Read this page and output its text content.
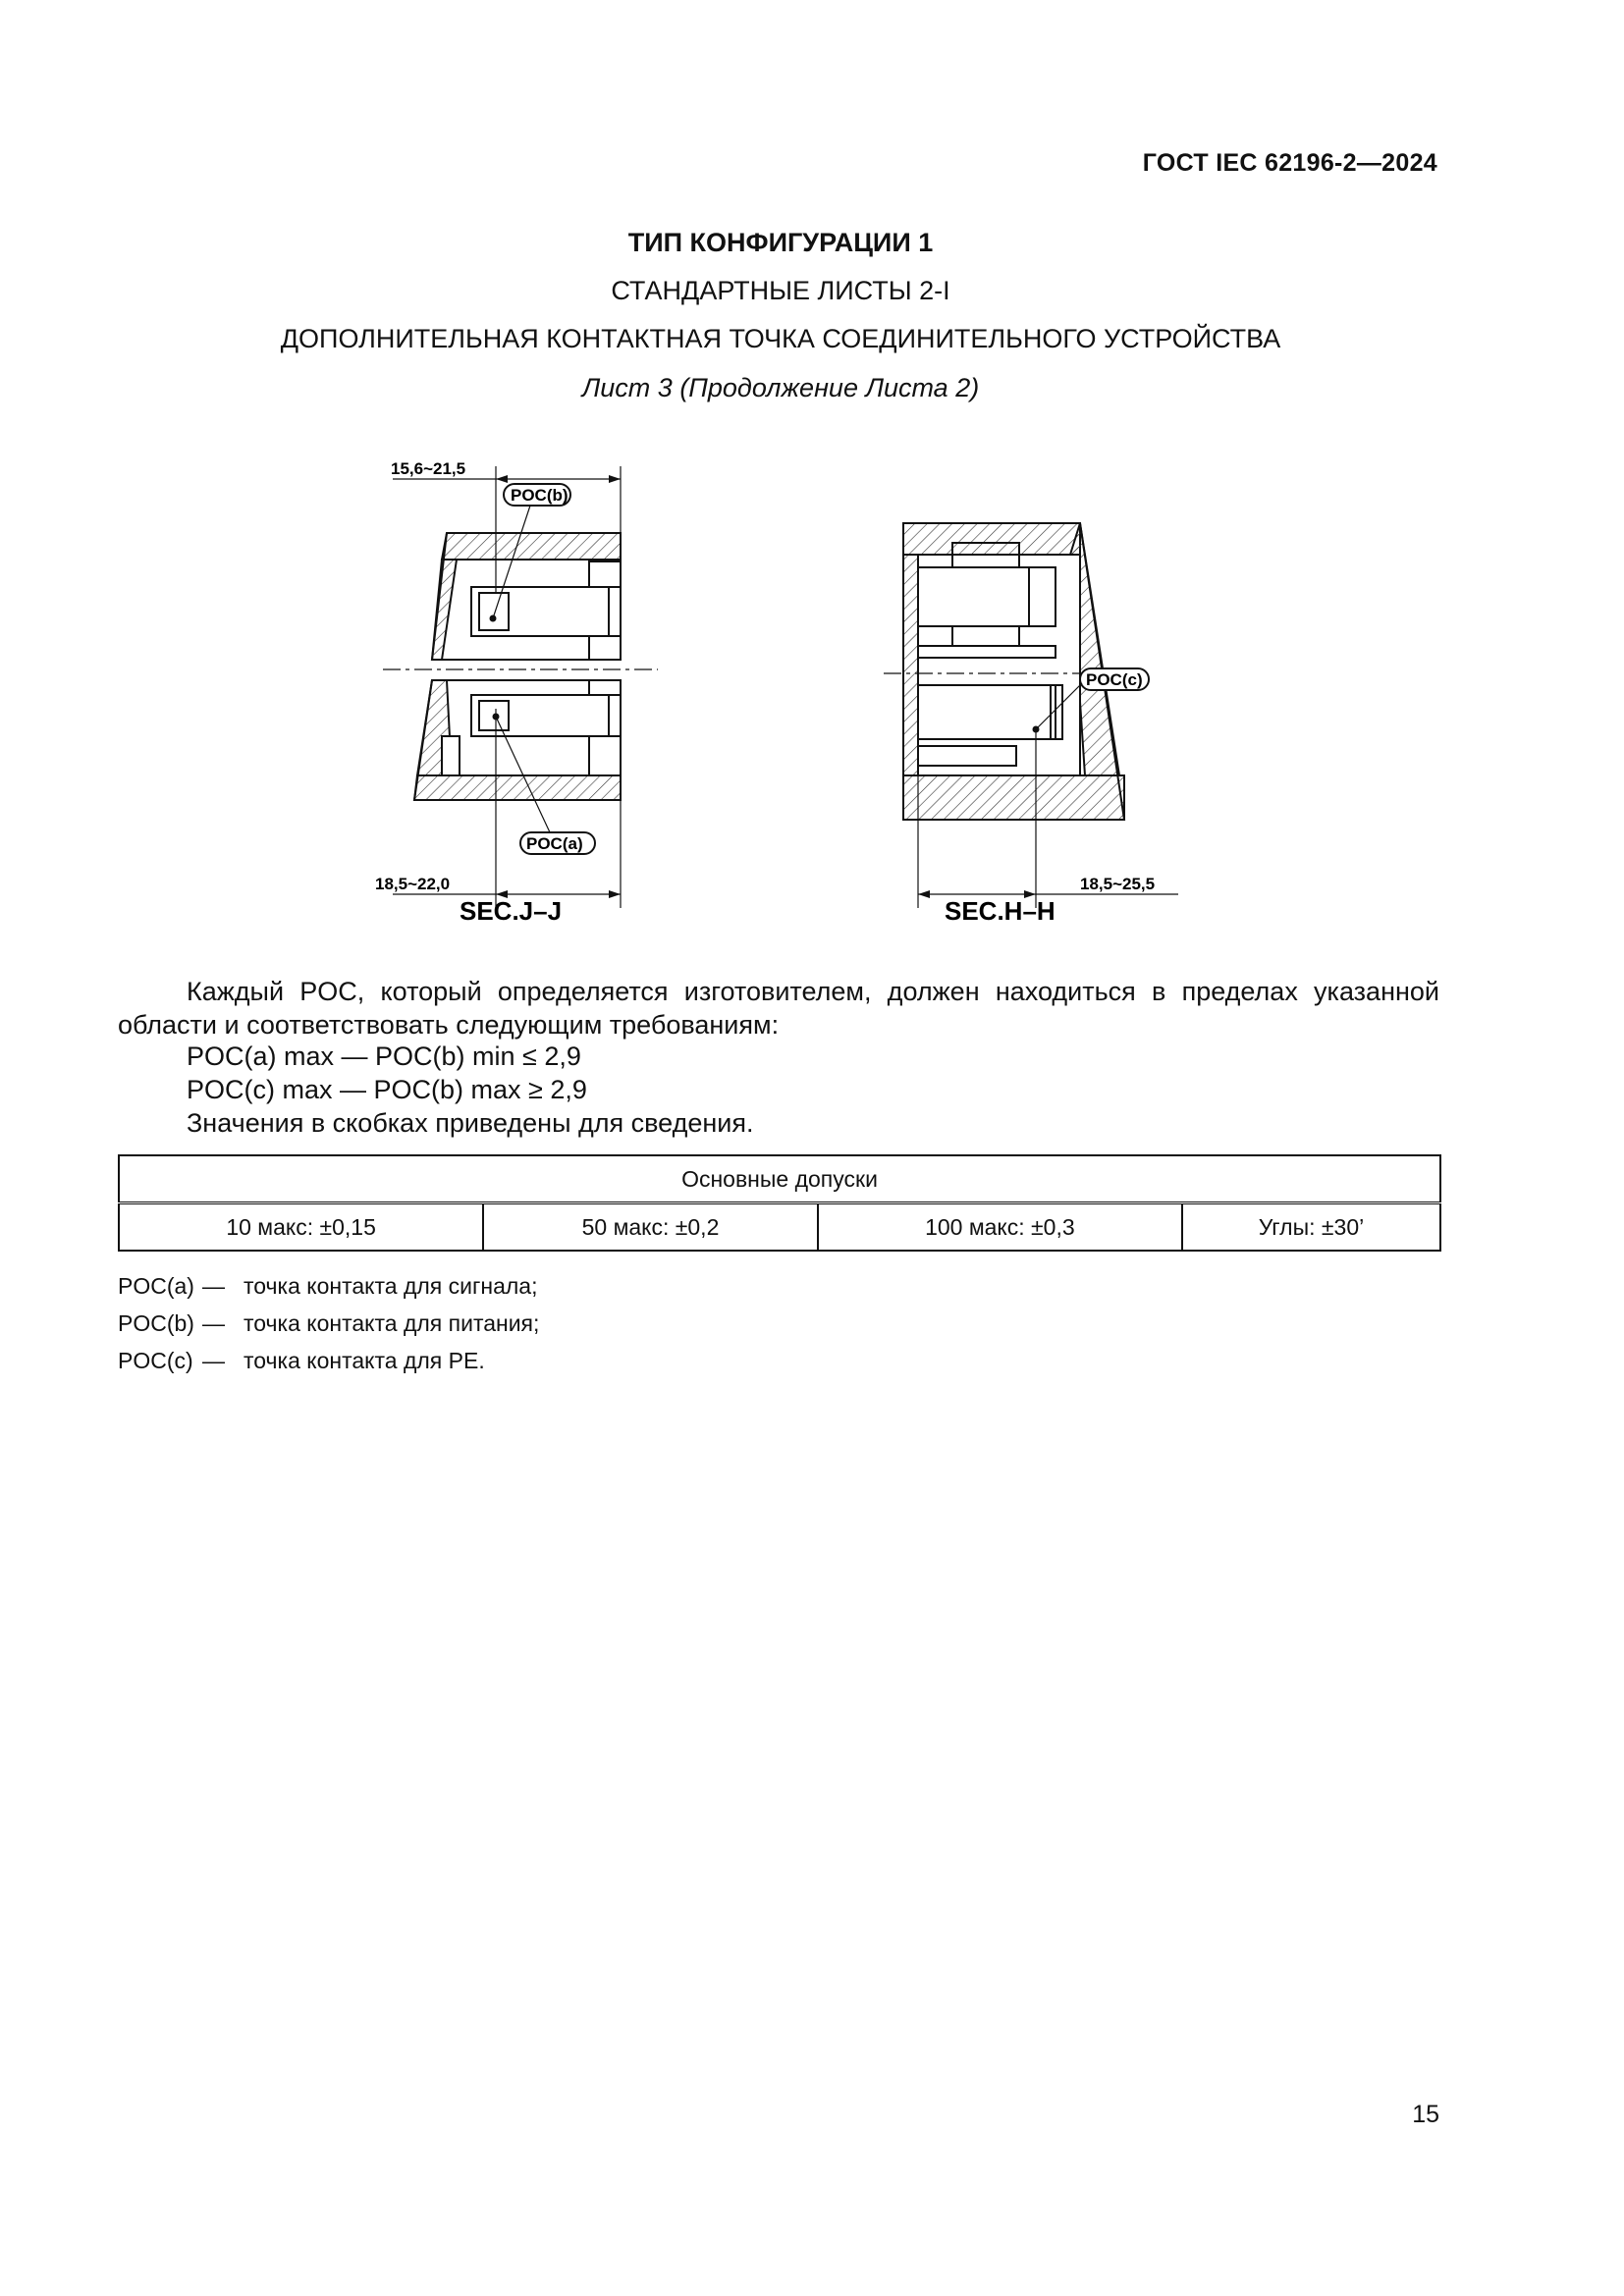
ГОСТ IEC 62196-2—2024
ТИП КОНФИГУРАЦИИ 1
СТАНДАРТНЫЕ ЛИСТЫ 2-I
ДОПОЛНИТЕЛЬНАЯ КОНТАКТНАЯ ТОЧКА СОЕДИНИТЕЛЬНОГО УСТРОЙСТВА
Лист 3 (Продолжение Листа 2)
15,6~21,5
POC(b)
POC(a)
18,5~22,0
SEC.J–J
POC(c)
18,5~25,5
SEC.H–H
Каждый POC, который определяется изготовителем, должен находиться в пределах указанной области и соответствовать следующим требованиям:
POC(a) max — POC(b) min ≤ 2,9
POC(c) max — POC(b) max ≥ 2,9
Значения в скобках приведены для сведения.
Основные допуски
10 макс: ±0,15	50 макс: ±0,2	100 макс: ±0,3	Углы: ±30’
POC(a) — точка контакта для сигнала;
POC(b) — точка контакта для питания;
POC(c) — точка контакта для PE.
15
